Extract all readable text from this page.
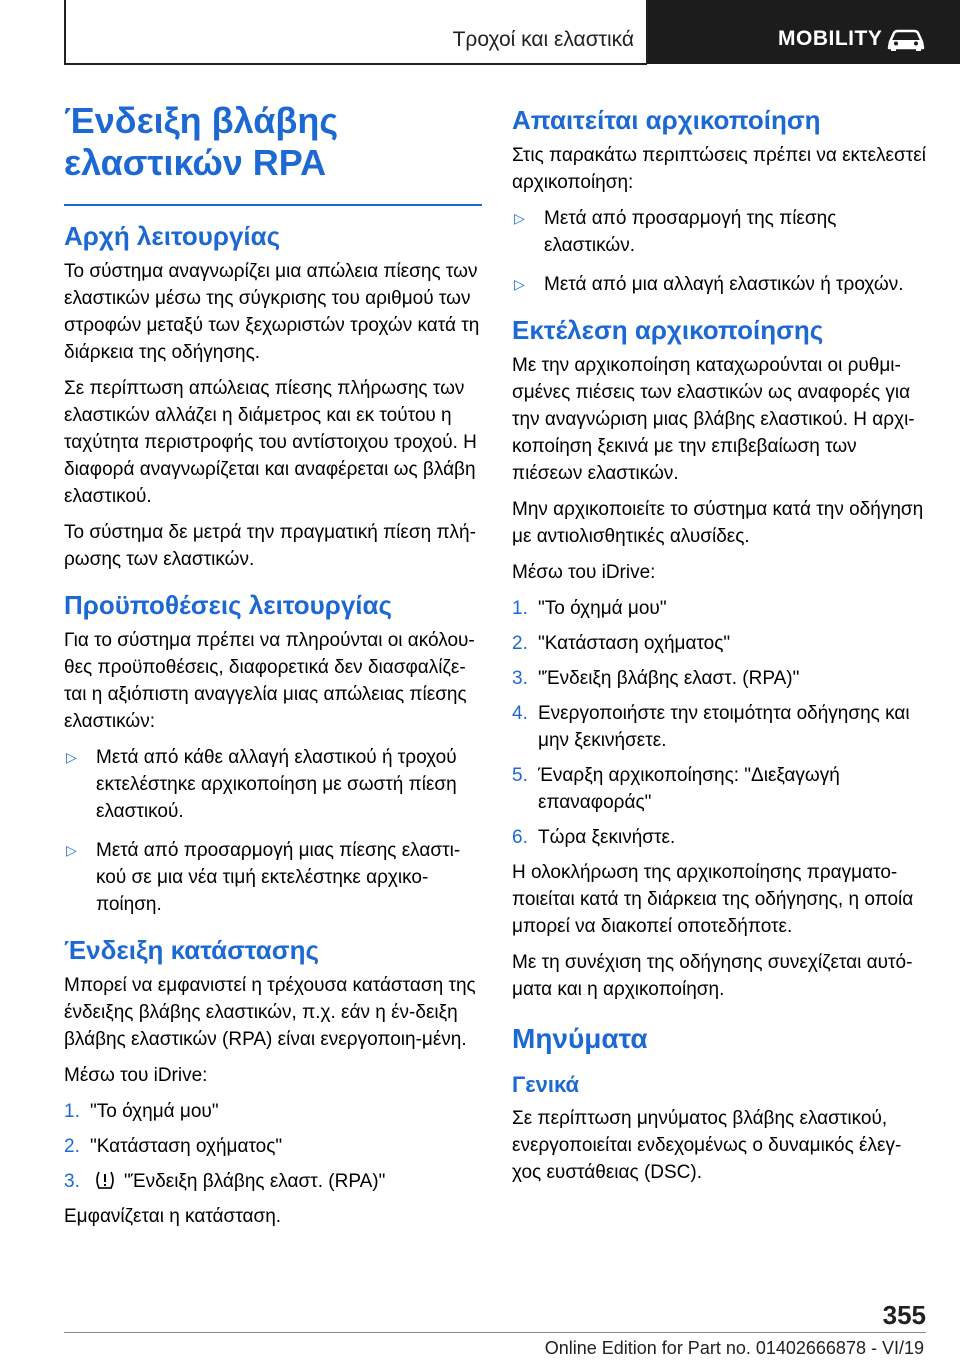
Τροχοί και ελαστικά	MOBILITY
Ένδειξη βλάβης ελαστικών RPA
Αρχή λειτουργίας

Το σύστημα αναγνωρίζει μια απώλεια πίεσης των ελαστικών μέσω της σύγκρισης του αριθμού των στροφών μεταξύ των ξεχωριστών τροχών κατά τη διάρκεια της οδήγησης.

Σε περίπτωση απώλειας πίεσης πλήρωσης των ελαστικών αλλάζει η διάμετρος και εκ τούτου η ταχύτητα περιστροφής του αντίστοιχου τροχού. Η διαφορά αναγνωρίζεται και αναφέρεται ως βλάβη ελαστικού.

Το σύστημα δε μετρά την πραγματική πίεση πλή-ρωσης των ελαστικών.

Προϋποθέσεις λειτουργίας

Για το σύστημα πρέπει να πληρούνται οι ακόλου-θες προϋποθέσεις, διαφορετικά δεν διασφαλίζε-ται η αξιόπιστη αναγγελία μιας απώλειας πίεσης ελαστικών:

▷	Μετά από κάθε αλλαγή ελαστικού ή τροχού εκτελέστηκε αρχικοποίηση με σωστή πίεση ελαστικού.
▷	Μετά από προσαρμογή μιας πίεσης ελαστι-κού σε μια νέα τιμή εκτελέστηκε αρχικο-ποίηση.
Ένδειξη κατάστασης

Μπορεί να εμφανιστεί η τρέχουσα κατάσταση της ένδειξης βλάβης ελαστικών, π.χ. εάν η έν-δειξη βλάβης ελαστικών (RPA) είναι ενεργοποιη-μένη.

Μέσω του iDrive:

1. "Το όχημά μου"
2. "Κατάσταση οχήματος"
3.	"Ένδειξη βλάβης ελαστ. (RPA)"

Εμφανίζεται η κατάσταση.

Απαιτείται αρχικοποίηση

Στις παρακάτω περιπτώσεις πρέπει να εκτελεστεί αρχικοποίηση:

▷	Μετά από προσαρμογή της πίεσης ελαστικών.
▷	Μετά από μια αλλαγή ελαστικών ή τροχών.
Εκτέλεση αρχικοποίησης

Με την αρχικοποίηση καταχωρούνται οι ρυθμι-σμένες πιέσεις των ελαστικών ως αναφορές για την αναγνώριση μιας βλάβης ελαστικού. Η αρχι-κοποίηση ξεκινά με την επιβεβαίωση των πιέσεων ελαστικών.

Μην αρχικοποιείτε το σύστημα κατά την οδήγηση με αντιολισθητικές αλυσίδες.

Μέσω του iDrive:

1. "Το όχημά μου"
2. "Κατάσταση οχήματος"
3. "Ένδειξη βλάβης ελαστ. (RPA)"
4. Ενεργοποιήστε την ετοιμότητα οδήγησης και μην ξεκινήσετε.
5. Έναρξη αρχικοποίησης: "Διεξαγωγή επαναφοράς"
6. Τώρα ξεκινήστε.

Η ολοκλήρωση της αρχικοποίησης πραγματο-ποιείται κατά τη διάρκεια της οδήγησης, η οποία μπορεί να διακοπεί οποτεδήποτε.

Με τη συνέχιση της οδήγησης συνεχίζεται αυτό-ματα και η αρχικοποίηση.

Μηνύματα
Γενικά

Σε περίπτωση μηνύματος βλάβης ελαστικού, ενεργοποιείται ενδεχομένως ο δυναμικός έλεγ-χος ευστάθειας (DSC).

355
Online Edition for Part no. 01402666878 - VI/19
